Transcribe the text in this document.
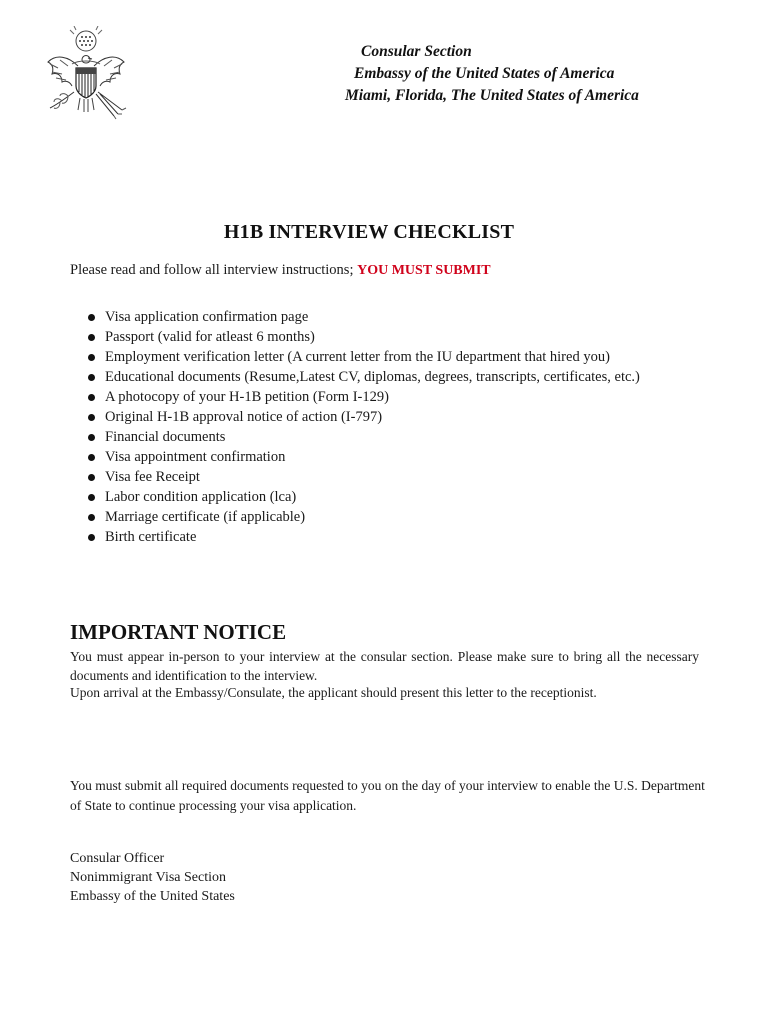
Consular Section
Embassy of the United States of America
Miami, Florida, The United States of America
H1B INTERVIEW CHECKLIST
Please read and follow all interview instructions; YOU MUST SUBMIT
Visa application confirmation page
Passport (valid for atleast 6 months)
Employment verification letter (A current letter from the IU department that hired you)
Educational documents (Resume,Latest CV, diplomas, degrees, transcripts, certificates, etc.)
A photocopy of your H-1B petition (Form I-129)
Original H-1B approval notice of action (I-797)
Financial documents
Visa appointment confirmation
Visa fee Receipt
Labor condition application (lca)
Marriage certificate (if applicable)
Birth certificate
IMPORTANT NOTICE
You must appear in-person to your interview at the consular section. Please make sure to bring all the necessary documents and identification to the interview.
Upon arrival at the Embassy/Consulate, the applicant should present this letter to the receptionist.
You must submit all required documents requested to you on the day of your interview to enable the U.S. Department of State to continue processing your visa application.
Consular Officer
Nonimmigrant Visa Section
Embassy of the United States
